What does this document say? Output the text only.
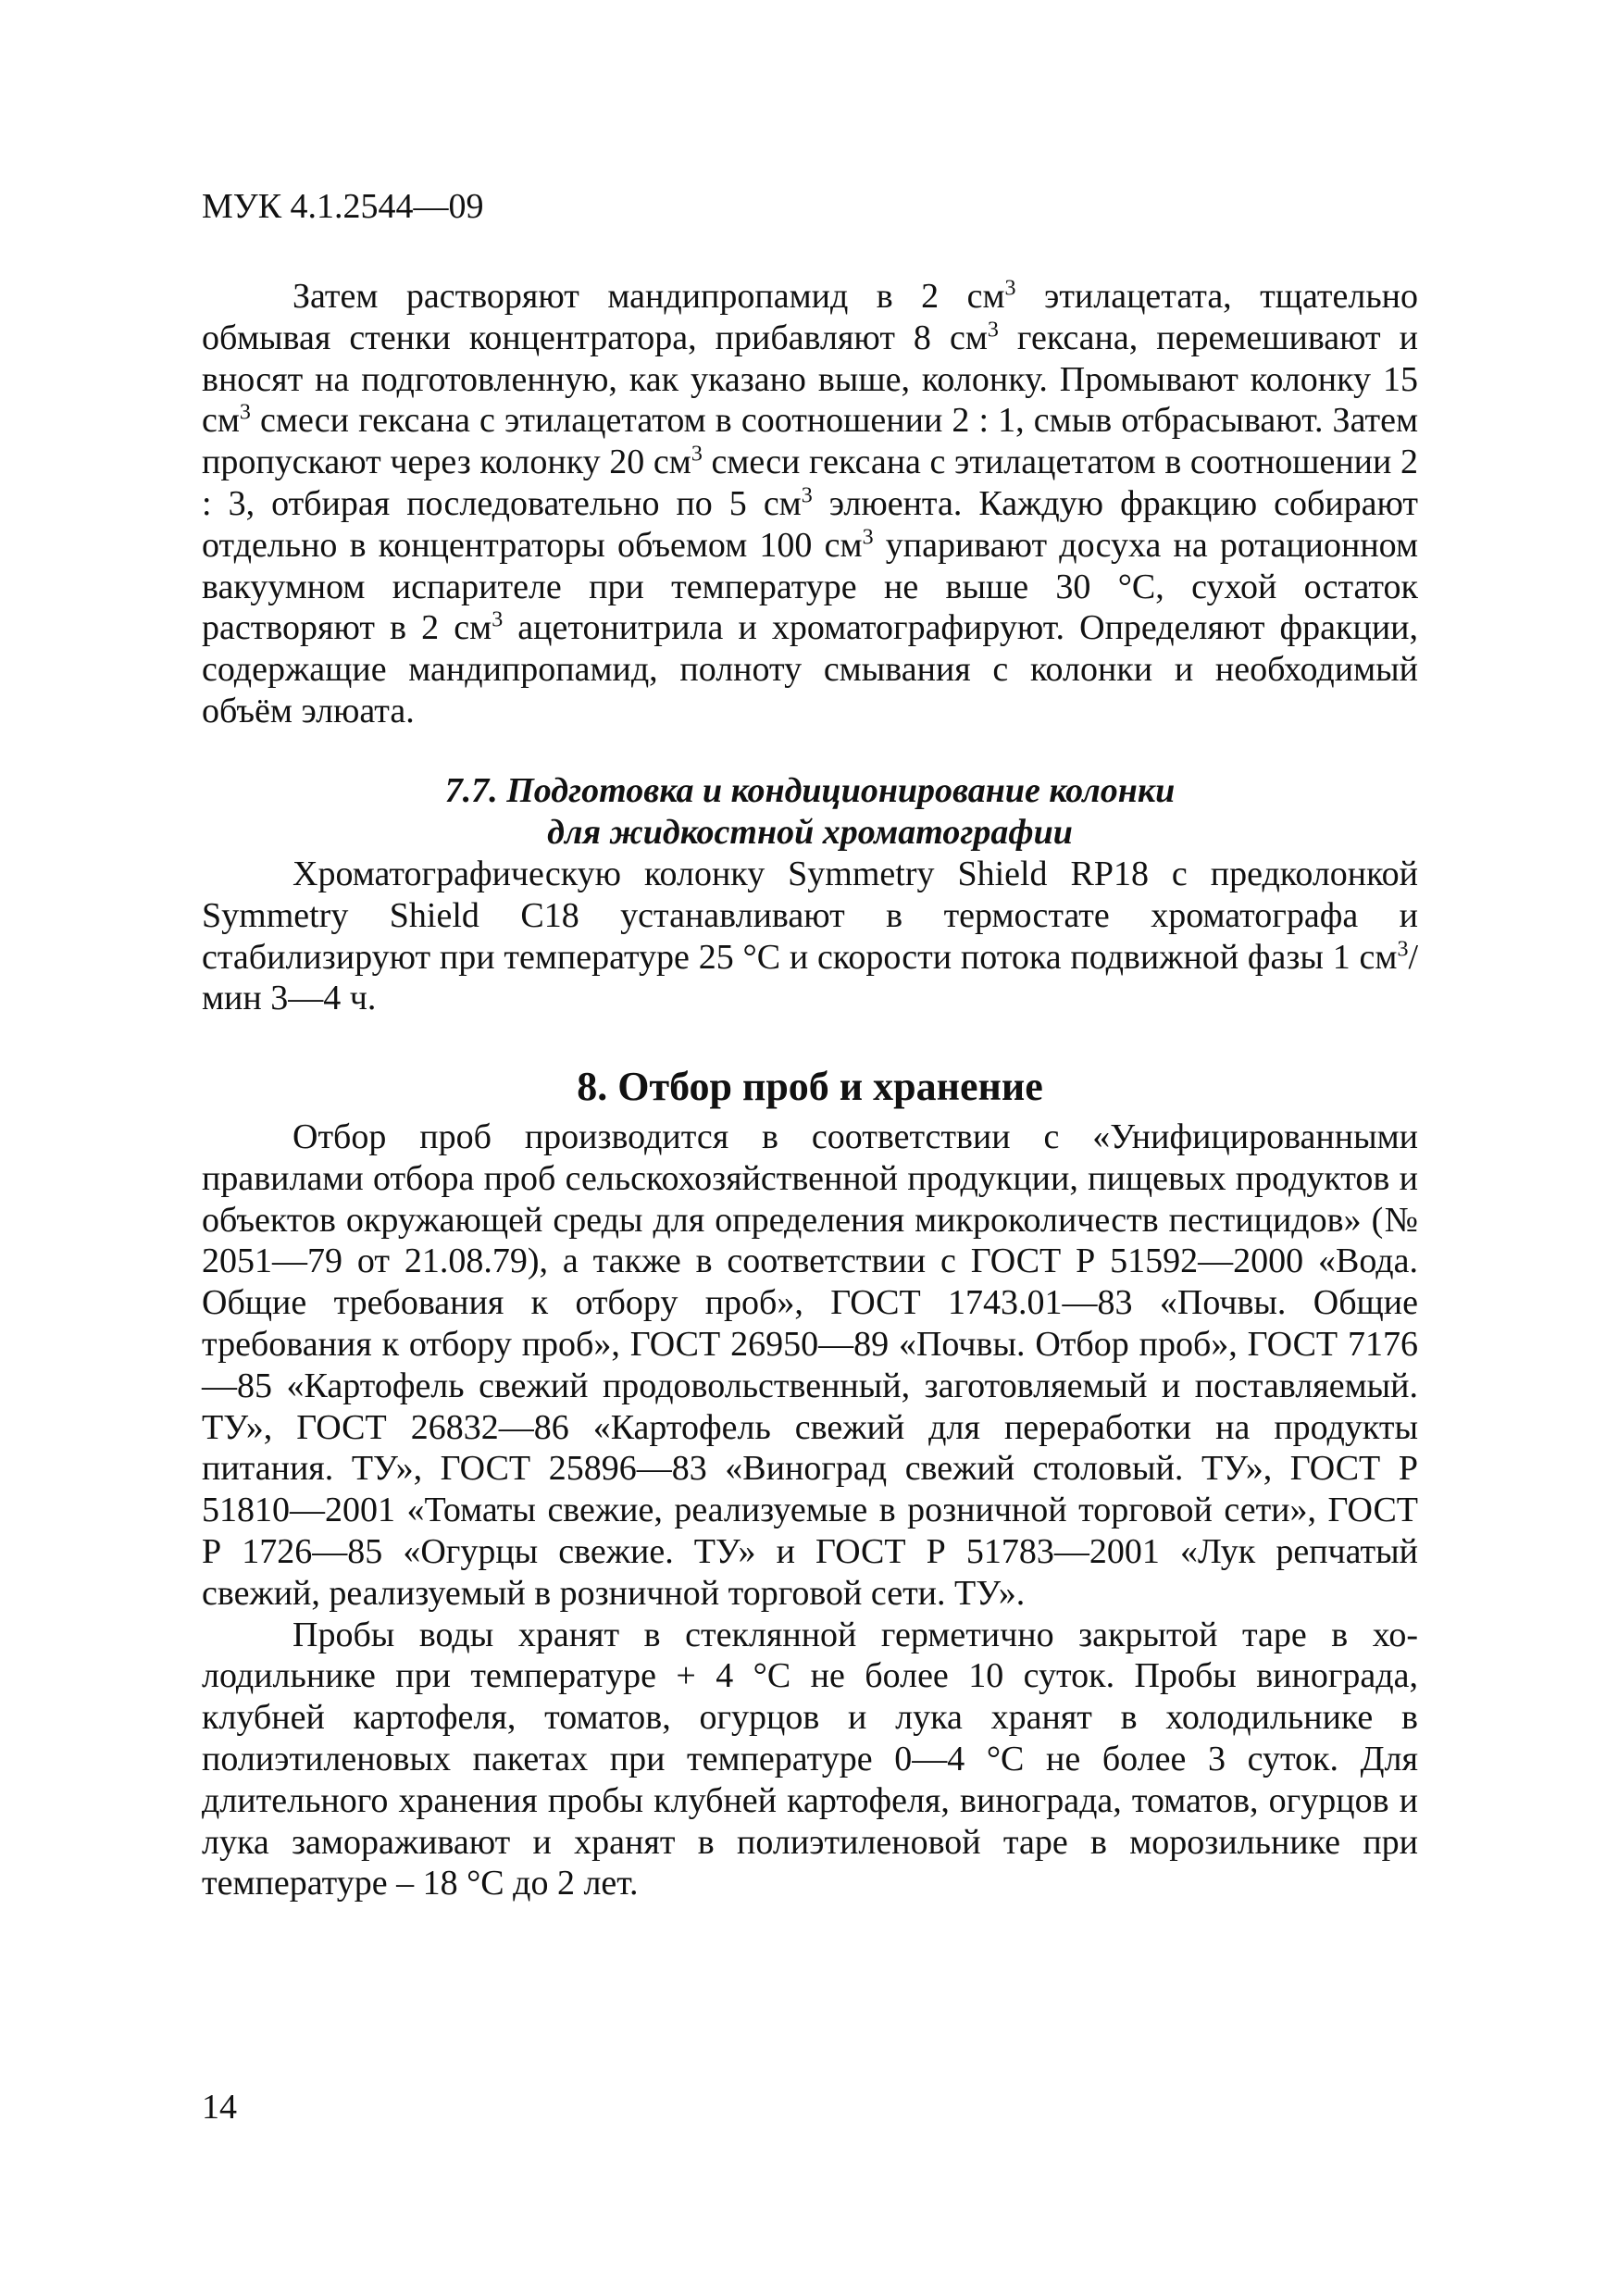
МУК 4.1.2544—09

Затем растворяют мандипропамид в 2 $см^3$ этилацетата, тщательно обмывая стенки концентратора, прибавляют 8 $см^3$ гексана, перемешивают и вносят на подготовленную, как указано выше, колонку. Промывают колонку 15 $см^3$ смеси гексана с этилацетатом в соотношении 2 : 1, смыв отбрасывают. Затем пропускают через колонку 20 $см^3$ смеси гексана с этилацетатом в соотношении 2 : 3, отбирая последовательно по 5 $см^3$ элюента. Каждую фракцию собирают отдельно в концентраторы объемом 100 $см^3$ упаривают досуха на ротационном вакуумном испарителе при температуре не выше 30 °С, сухой остаток растворяют в 2 $см^3$ ацетонитрила и хроматографируют. Определяют фракции, содержащие мандипропамид, полноту смывания с колонки и необходимый объём элюата.

7.7. Подготовка и кондиционирование колонки
для жидкостной хроматографии

Хроматографическую колонку Symmetry Shield RP18 с предколонкой Symmetry Shield C18 устанавливают в термостате хроматографа и стабилизируют при температуре 25 °С и скорости потока подвижной фазы 1 $см^3$/мин 3—4 ч.

8. Отбор проб и хранение

Отбор проб производится в соответствии с «Унифицированными правилами отбора проб сельскохозяйственной продукции, пищевых продуктов и объектов окружающей среды для определения микроколичеств пестицидов» (№ 2051—79 от 21.08.79), а также в соответствии с ГОСТ Р 51592—2000 «Вода. Общие требования к отбору проб», ГОСТ 1743.01—83 «Почвы. Общие требования к отбору проб», ГОСТ 26950—89 «Почвы. Отбор проб», ГОСТ 7176—85 «Картофель свежий продовольственный, заготовляемый и поставляемый. ТУ», ГОСТ 26832—86 «Картофель свежий для переработки на продукты питания. ТУ», ГОСТ 25896—83 «Виноград свежий столовый. ТУ», ГОСТ Р 51810—2001 «Томаты свежие, реализуемые в розничной торговой сети», ГОСТ Р 1726—85 «Огурцы свежие. ТУ» и ГОСТ Р 51783—2001 «Лук репчатый свежий, реализуемый в розничной торговой сети. ТУ».

Пробы воды хранят в стеклянной герметично закрытой таре в холодильнике при температуре + 4 °С не более 10 суток. Пробы винограда, клубней картофеля, томатов, огурцов и лука хранят в холодильнике в полиэтиленовых пакетах при температуре 0—4 °С не более 3 суток. Для длительного хранения пробы клубней картофеля, винограда, томатов, огурцов и лука замораживают и хранят в полиэтиленовой таре в морозильнике при температуре – 18 °С до 2 лет.

14
